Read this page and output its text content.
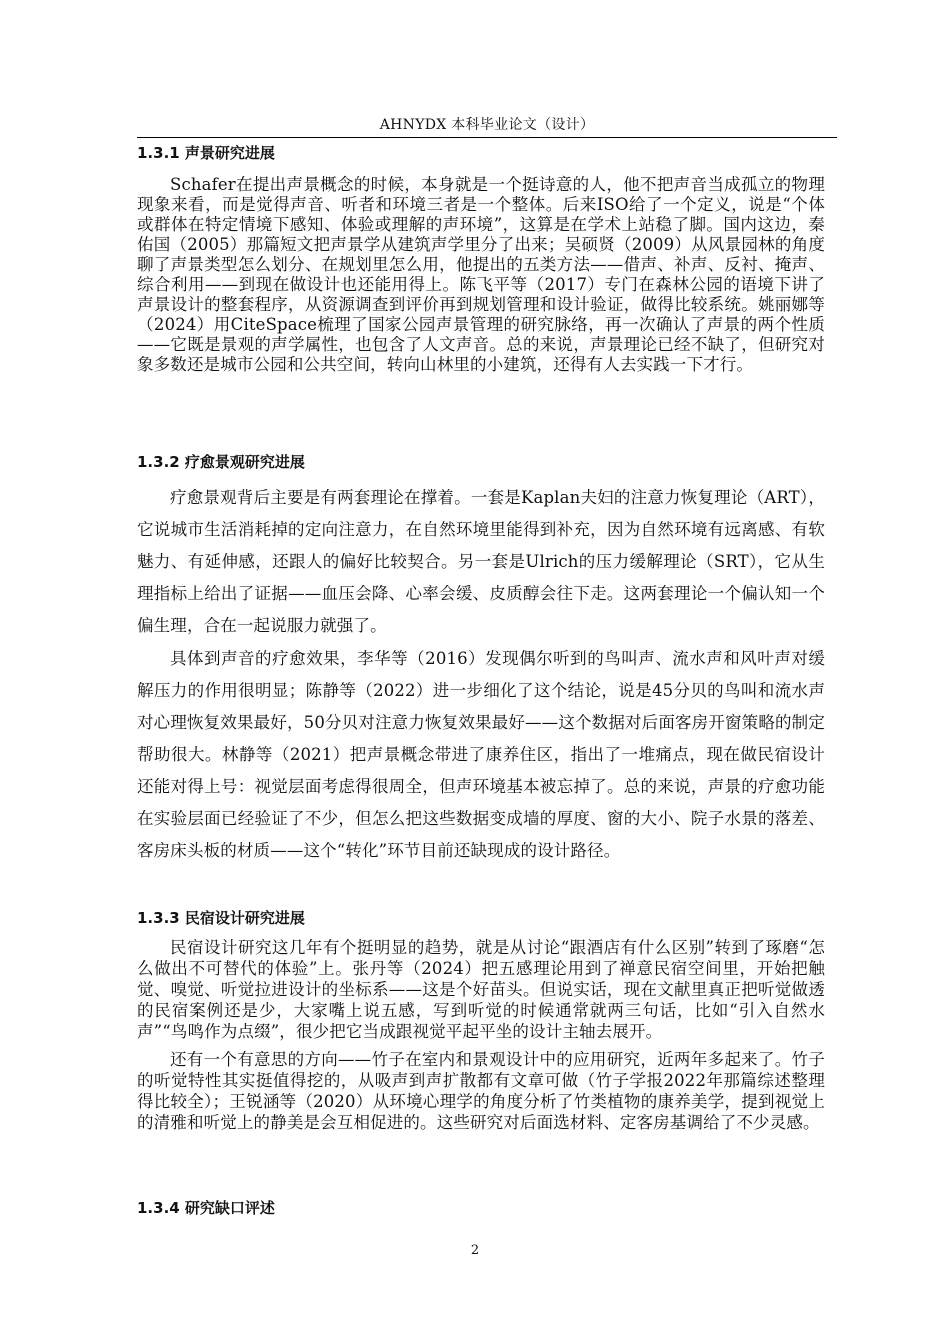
AHNYDX 本科毕业论文（设计）
1.3.1 声景研究进展

Schafer在提出声景概念的时候，本身就是一个挺诗意的人，他不把声音当成孤立的物理现象来看，而是觉得声音、听者和环境三者是一个整体。后来ISO给了一个定义，说是“个体或群体在特定情境下感知、体验或理解的声环境”，这算是在学术上站稳了脚。国内这边，秦佑国（2005）那篇短文把声景学从建筑声学里分了出来；吴硕贤（2009）从风景园林的角度聊了声景类型怎么划分、在规划里怎么用，他提出的五类方法——借声、补声、反衬、掩声、综合利用——到现在做设计也还能用得上。陈飞平等（2017）专门在森林公园的语境下讲了声景设计的整套程序，从资源调查到评价再到规划管理和设计验证，做得比较系统。姚丽娜等（2024）用CiteSpace梳理了国家公园声景管理的研究脉络，再一次确认了声景的两个性质——它既是景观的声学属性，也包含了人文声音。总的来说，声景理论已经不缺了，但研究对象多数还是城市公园和公共空间，转向山林里的小建筑，还得有人去实践一下才行。

1.3.2 疗愈景观研究进展

疗愈景观背后主要是有两套理论在撑着。一套是Kaplan夫妇的注意力恢复理论（ART），它说城市生活消耗掉的定向注意力，在自然环境里能得到补充，因为自然环境有远离感、有软魅力、有延伸感，还跟人的偏好比较契合。另一套是Ulrich的压力缓解理论（SRT），它从生理指标上给出了证据——血压会降、心率会缓、皮质醇会往下走。这两套理论一个偏认知一个偏生理，合在一起说服力就强了。

具体到声音的疗愈效果，李华等（2016）发现偶尔听到的鸟叫声、流水声和风叶声对缓解压力的作用很明显；陈静等（2022）进一步细化了这个结论，说是45分贝的鸟叫和流水声对心理恢复效果最好，50分贝对注意力恢复效果最好——这个数据对后面客房开窗策略的制定帮助很大。林静等（2021）把声景概念带进了康养住区，指出了一堆痛点，现在做民宿设计还能对得上号：视觉层面考虑得很周全，但声环境基本被忘掉了。总的来说，声景的疗愈功能在实验层面已经验证了不少，但怎么把这些数据变成墙的厚度、窗的大小、院子水景的落差、客房床头板的材质——这个“转化”环节目前还缺现成的设计路径。

1.3.3 民宿设计研究进展

民宿设计研究这几年有个挺明显的趋势，就是从讨论“跟酒店有什么区别”转到了琢磨“怎么做出不可替代的体验”上。张丹等（2024）把五感理论用到了禅意民宿空间里，开始把触觉、嗅觉、听觉拉进设计的坐标系——这是个好苗头。但说实话，现在文献里真正把听觉做透的民宿案例还是少，大家嘴上说五感，写到听觉的时候通常就两三句话，比如“引入自然水声”“鸟鸣作为点缀”，很少把它当成跟视觉平起平坐的设计主轴去展开。

还有一个有意思的方向——竹子在室内和景观设计中的应用研究，近两年多起来了。竹子的听觉特性其实挺值得挖的，从吸声到声扩散都有文章可做（竹子学报2022年那篇综述整理得比较全）；王锐涵等（2020）从环境心理学的角度分析了竹类植物的康养美学，提到视觉上的清雅和听觉上的静美是会互相促进的。这些研究对后面选材料、定客房基调给了不少灵感。

1.3.4 研究缺口评述
2
